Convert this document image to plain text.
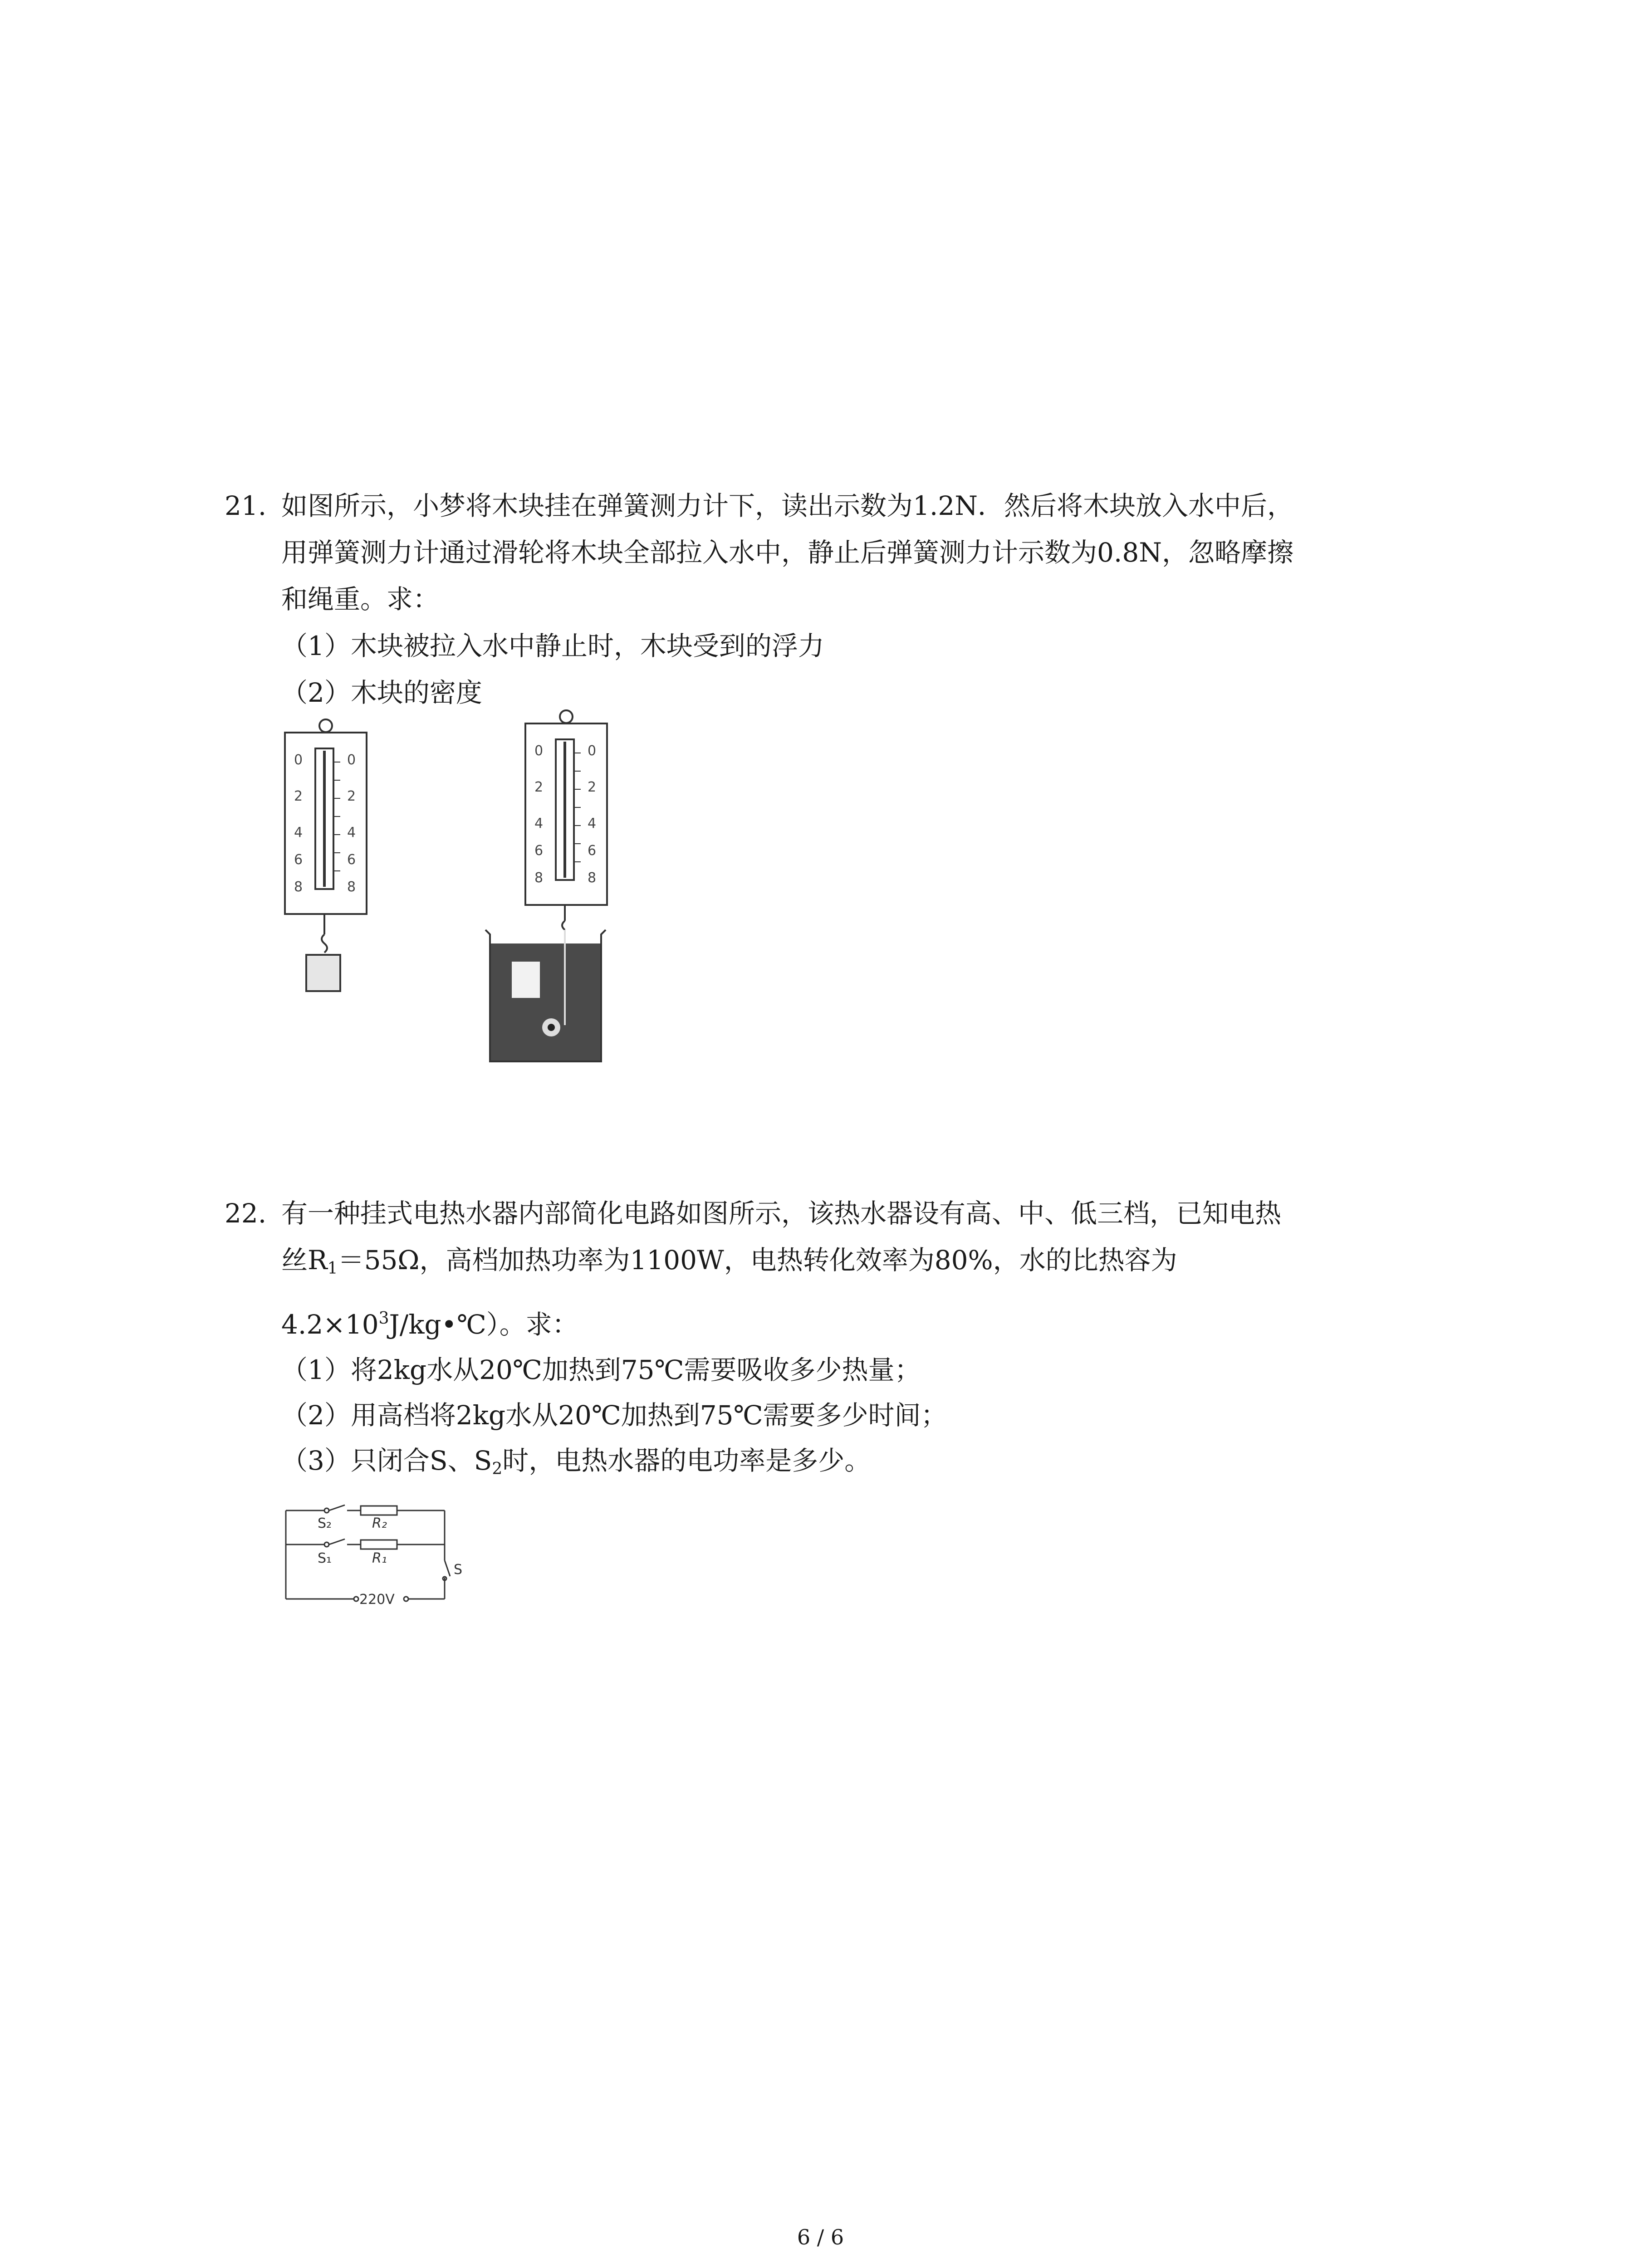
21. 如图所示，小梦将木块挂在弹簧测力计下，读出示数为1.2N．然后将木块放入水中后，
用弹簧测力计通过滑轮将木块全部拉入水中，静止后弹簧测力计示数为0.8N，忽略摩擦
和绳重。求：
（1）木块被拉入水中静止时，木块受到的浮力
（2）木块的密度
0
2
4
6
8
0
2
4
6
8
0
2
4
6
8
0
2
4
6
8
22. 有一种挂式电热水器内部简化电路如图所示，该热水器设有高、中、低三档，已知电热
丝$R_1=55\Omega$，高档加热功率为1100W，电热转化效率为80%，水的比热容为
$4.2\times 10^3J/kg•℃$）。求：
（1）将2kg水从20℃加热到75℃需要吸收多少热量；
（2）用高档将2kg水从20℃加热到75℃需要多少时间；
（3）只闭合S、$S_2$时，电热水器的电功率是多少。
S₂	R₂
S₁	R₁
S
220V
6 / 6
